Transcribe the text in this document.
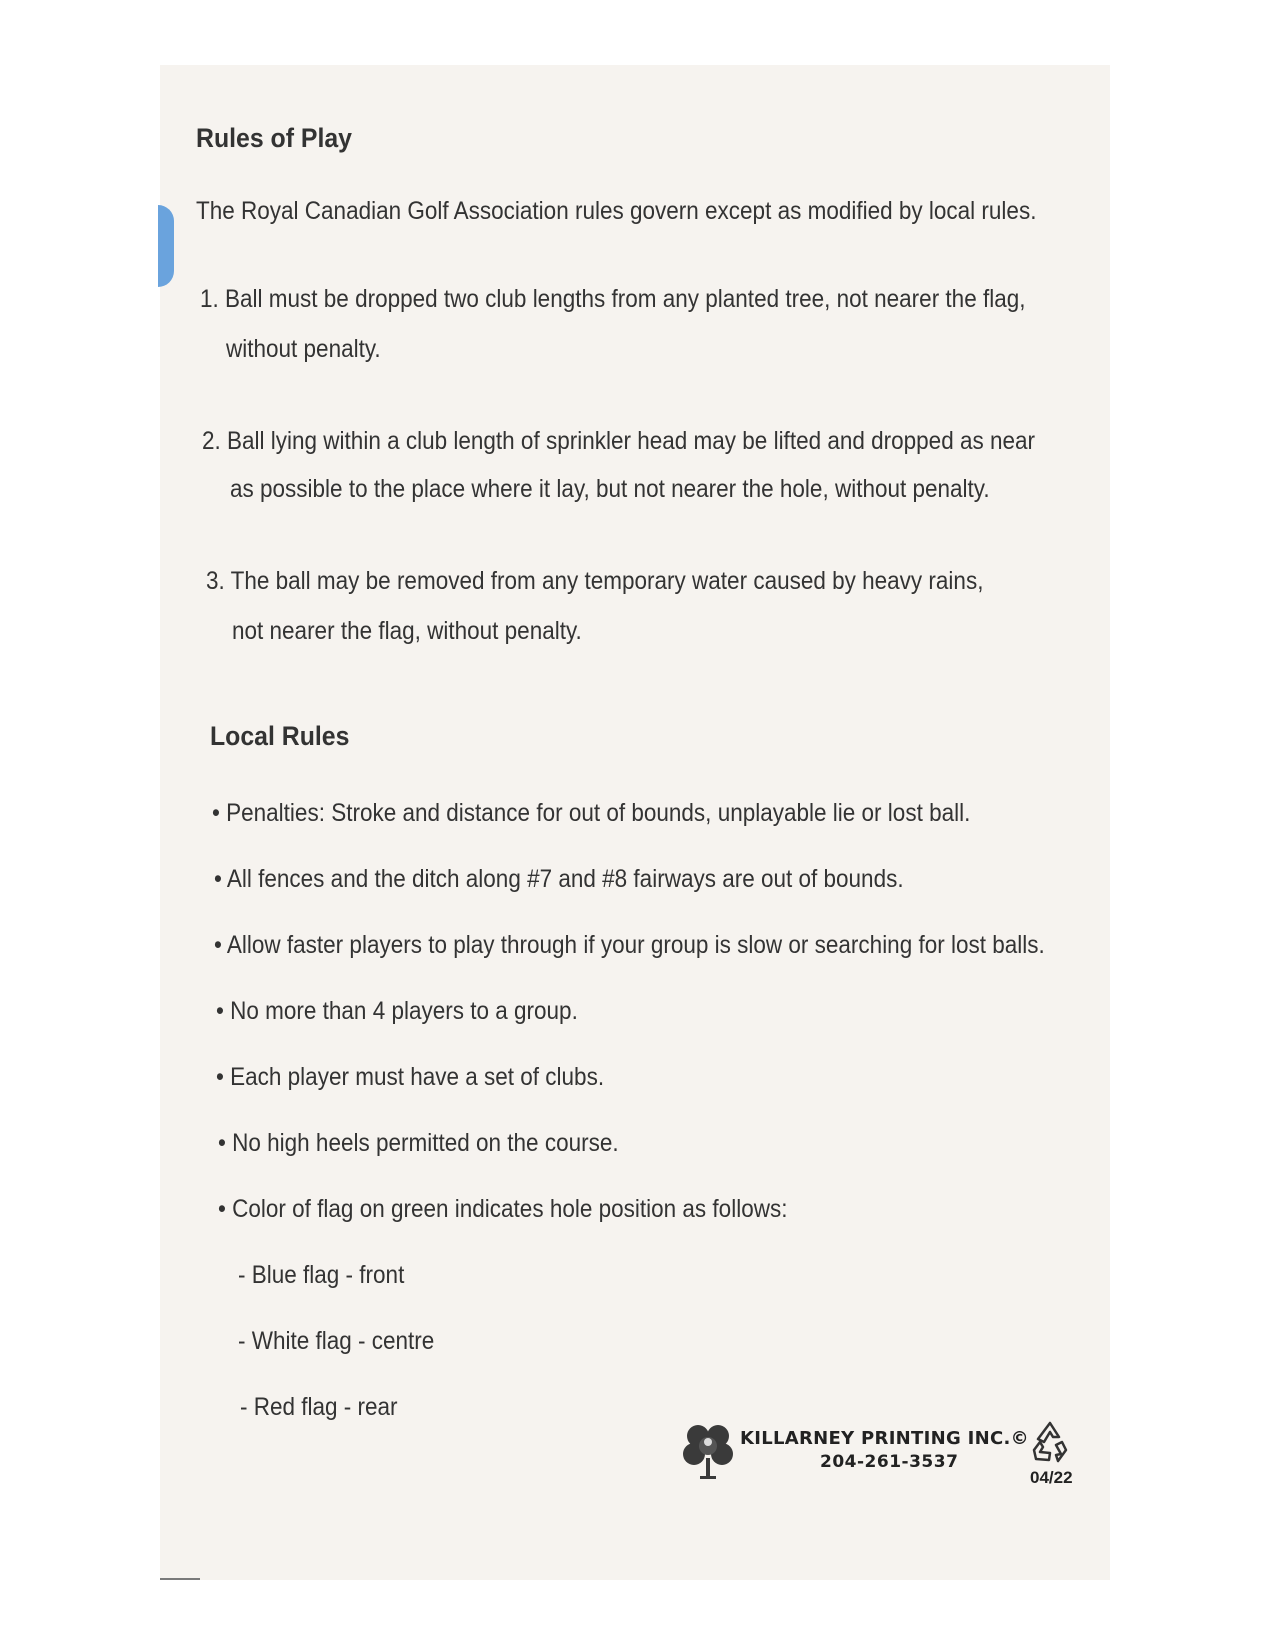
Rules of Play
The Royal Canadian Golf Association rules govern except as modified by local rules.
1. Ball must be dropped two club lengths from any planted tree, not nearer the flag,
without penalty.
2. Ball lying within a club length of sprinkler head may be lifted and dropped as near
as possible to the place where it lay, but not nearer the hole, without penalty.
3. The ball may be removed from any temporary water caused by heavy rains,
not nearer the flag, without penalty.
Local Rules
• Penalties: Stroke and distance for out of bounds, unplayable lie or lost ball.
• All fences and the ditch along #7 and #8 fairways are out of bounds.
• Allow faster players to play through if your group is slow or searching for lost balls.
• No more than 4 players to a group.
• Each player must have a set of clubs.
• No high heels permitted on the course.
• Color of flag on green indicates hole position as follows:
- Blue flag - front
- White flag - centre
- Red flag - rear
KILLARNEY PRINTING INC.©
204-261-3537
04/22
